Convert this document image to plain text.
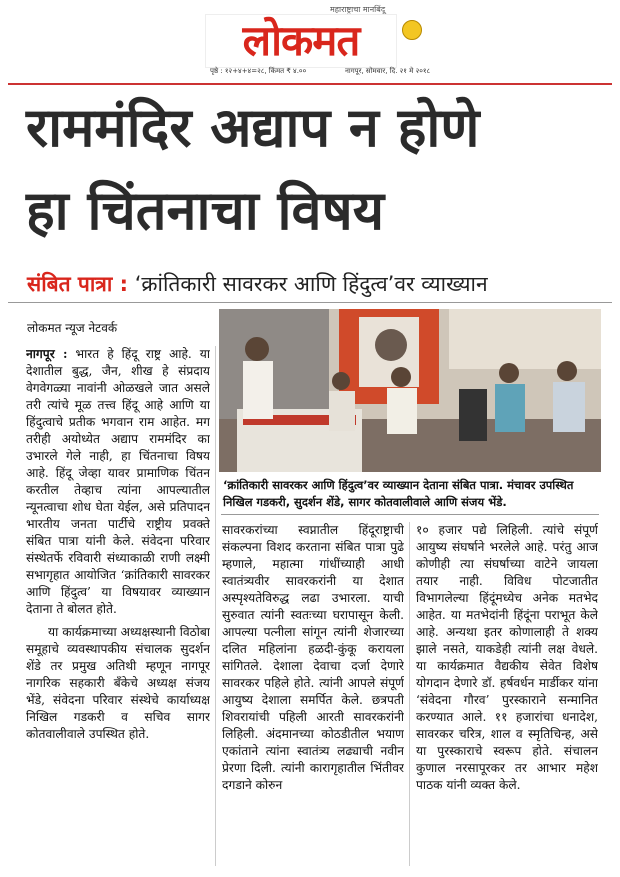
महाराष्ट्राचा मानबिंदू
लोकमत
पृष्ठे : १२+४+४=२८, किंमत ₹ ४.००	नागपूर, सोमवार, दि. २१ मे २०१८
राममंदिर अद्याप न होणे
हा चिंतनाचा विषय
संबित पात्रा : ‘क्रांतिकारी सावरकर आणि हिंदुत्व’वर व्याख्यान
लोकमत न्यूज नेटवर्क

नागपूर : भारत हे हिंदू राष्ट्र आहे. या देशातील बुद्ध, जैन, शीख हे संप्रदाय वेगवेगळ्या नावांनी ओळखले जात असले तरी त्यांचे मूळ तत्त्व हिंदू आहे आणि या हिंदुत्वाचे प्रतीक भगवान राम आहेत. मग तरीही अयोध्येत अद्याप राममंदिर का उभारले गेले नाही, हा चिंतनाचा विषय आहे. हिंदू जेव्हा यावर प्रामाणिक चिंतन करतील तेव्हाच त्यांना आपल्यातील न्यूनत्वाचा शोध घेता येईल, असे प्रतिपादन भारतीय जनता पार्टीचे राष्ट्रीय प्रवक्ते संबित पात्रा यांनी केले. संवेदना परिवार संस्थेतर्फे रविवारी संध्याकाळी राणी लक्ष्मी सभागृहात आयोजित ‘क्रांतिकारी सावरकर आणि हिंदुत्व’ या विषयावर व्याख्यान देताना ते बोलत होते.

या कार्यक्रमाच्या अध्यक्षस्थानी विठोबा समूहाचे व्यवस्थापकीय संचालक सुदर्शन शेंडे तर प्रमुख अतिथी म्हणून नागपूर नागरिक सहकारी बँकेचे अध्यक्ष संजय भेंडे, संवेदना परिवार संस्थेचे कार्याध्यक्ष निखिल गडकरी व सचिव सागर कोतवालीवाले उपस्थित होते.

‘क्रांतिकारी सावरकर आणि हिंदुत्व’वर व्याख्यान देताना संबित पात्रा. मंचावर उपस्थित निखिल गडकरी, सुदर्शन शेंडे, सागर कोतवालीवाले आणि संजय भेंडे.
सावरकरांच्या स्वप्नातील हिंदूराष्ट्राची संकल्पना विशद करताना संबित पात्रा पुढे म्हणाले, महात्मा गांधींच्याही आधी स्वातंत्र्यवीर सावरकरांनी या देशात अस्पृश्यतेविरुद्ध लढा उभारला. याची सुरुवात त्यांनी स्वतःच्या घरापासून केली. आपल्या पत्नीला सांगून त्यांनी शेजारच्या दलित महिलांना हळदी-कुंकू करायला सांगितले. देशाला देवाचा दर्जा देणारे सावरकर पहिले होते. त्यांनी आपले संपूर्ण आयुष्य देशाला समर्पित केले. छत्रपती शिवरायांची पहिली आरती सावरकरांनी लिहिली. अंदमानच्या कोठडीतील भयाण एकांताने त्यांना स्वातंत्र्य लढ्याची नवीन प्रेरणा दिली. त्यांनी कारागृहातील भिंतीवर दगडाने कोरुन
१० हजार पद्ये लिहिली. त्यांचे संपूर्ण आयुष्य संघर्षाने भरलेले आहे. परंतु आज कोणीही त्या संघर्षाच्या वाटेने जायला तयार नाही. विविध पोटजातीत विभागलेल्या हिंदूंमध्येच अनेक मतभेद आहेत. या मतभेदांनी हिंदूंना पराभूत केले आहे. अन्यथा इतर कोणालाही ते शक्य झाले नसते, याकडेही त्यांनी लक्ष वेधले. या कार्यक्रमात वैद्यकीय सेवेत विशेष योगदान देणारे डॉ. हर्षवर्धन मार्डीकर यांना ‘संवेदना गौरव’ पुरस्काराने सन्मानित करण्यात आले. ११ हजारांचा धनादेश, सावरकर चरित्र, शाल व स्मृतिचिन्ह, असे या पुरस्काराचे स्वरूप होते. संचालन कुणाल नरसापूरकर तर आभार महेश पाठक यांनी व्यक्त केले.
